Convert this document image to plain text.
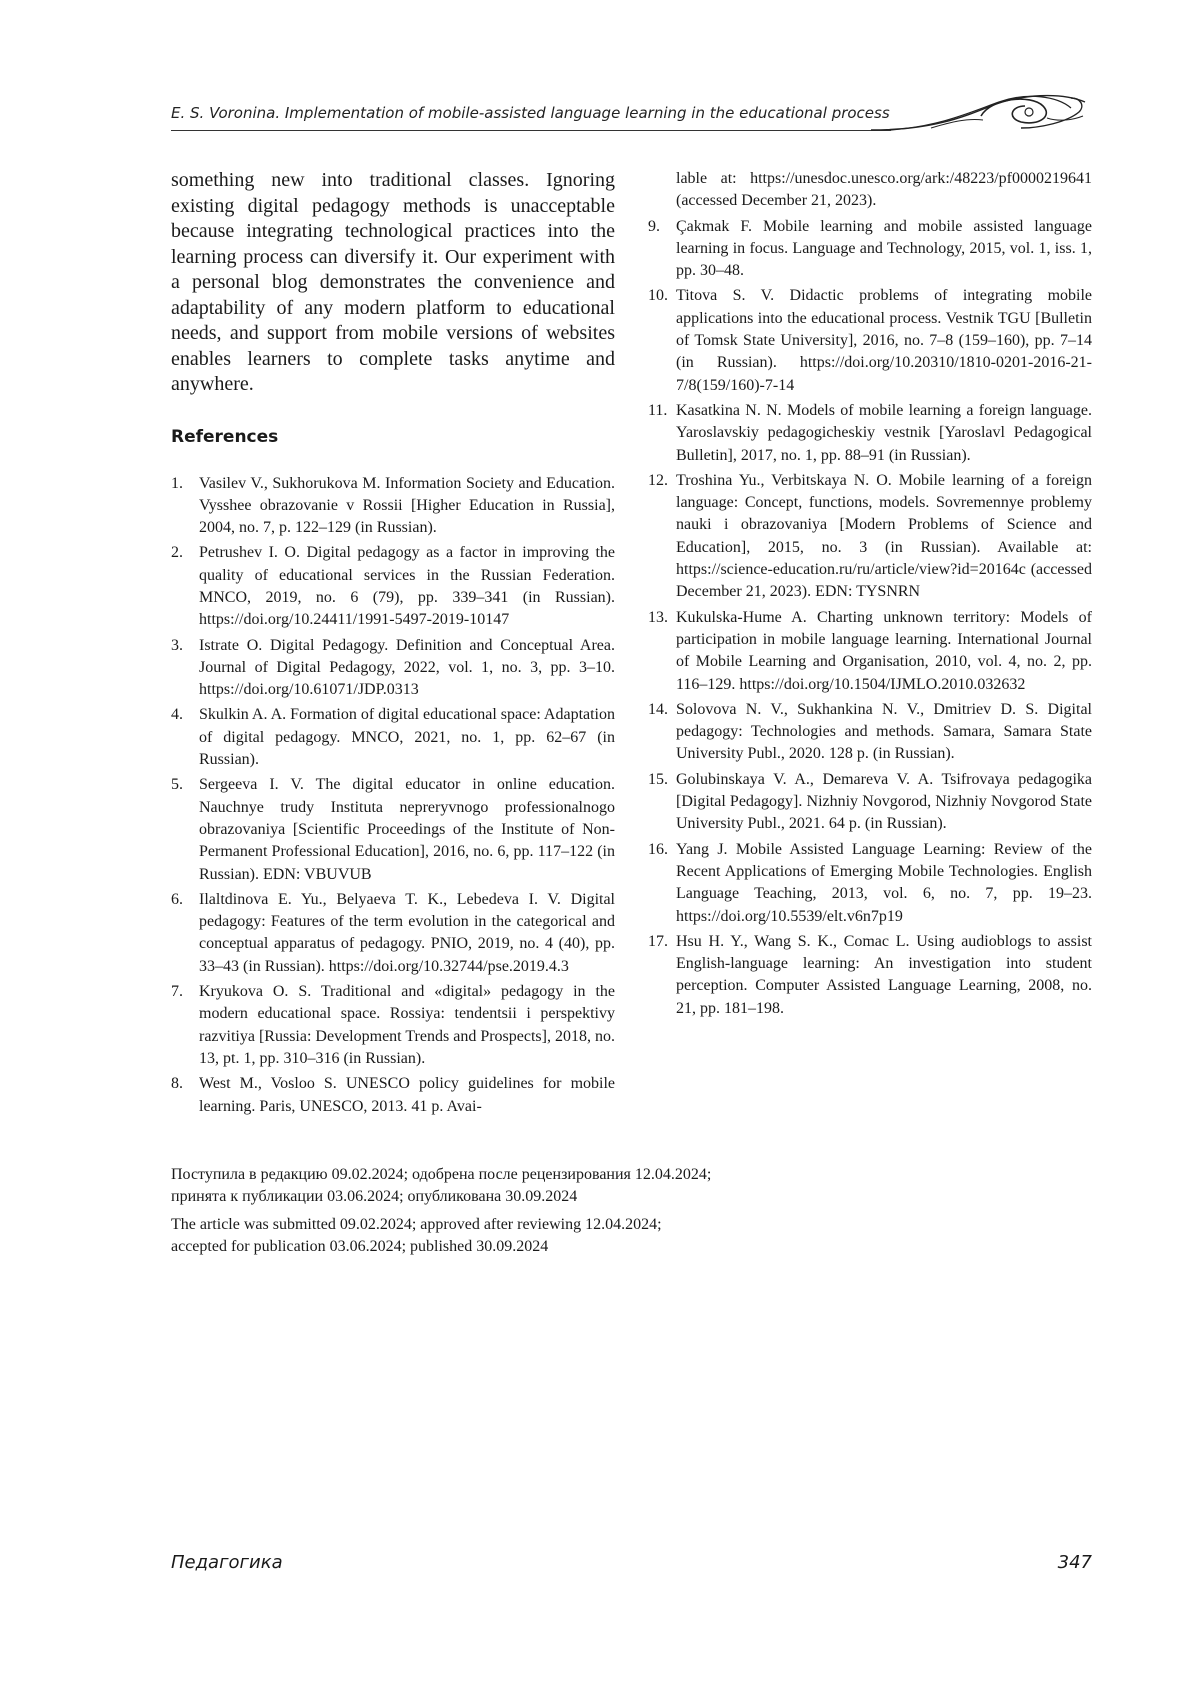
E. S. Voronina. Implementation of mobile-assisted language learning in the educational process

something new into traditional classes. Ignoring existing digital pedagogy methods is unacceptable because integrating technological practices into the learning process can diversify it. Our experiment with a personal blog demonstrates the convenience and adaptability of any modern platform to educational needs, and support from mobile versions of websites enables learners to complete tasks anytime and anywhere.

References
1.	Vasilev V., Sukhorukova M. Information Society and Education. Vysshee obrazovanie v Rossii [Higher Education in Russia], 2004, no. 7, p. 122–129 (in Russian).
2.	Petrushev I. O. Digital pedagogy as a factor in improving the quality of educational services in the Russian Federation. MNCO, 2019, no. 6 (79), pp. 339–341 (in Russian). https://doi.org/10.24411/1991-5497-2019-10147
3.	Istrate O. Digital Pedagogy. Definition and Conceptual Area. Journal of Digital Pedagogy, 2022, vol. 1, no. 3, pp. 3–10. https://doi.org/10.61071/JDP.0313
4.	Skulkin A. A. Formation of digital educational space: Adaptation of digital pedagogy. MNCO, 2021, no. 1, pp. 62–67 (in Russian).
5.	Sergeeva I. V. The digital educator in online education. Nauchnye trudy Instituta nepreryvnogo professionalnogo obrazovaniya [Scientific Proceedings of the Institute of Non-Permanent Professional Education], 2016, no. 6, pp. 117–122 (in Russian). EDN: VBUVUB
6.	Ilaltdinova E. Yu., Belyaeva T. K., Lebedeva I. V. Digital pedagogy: Features of the term evolution in the categorical and conceptual apparatus of pedagogy. PNIO, 2019, no. 4 (40), pp. 33–43 (in Russian). https://doi.org/10.32744/pse.2019.4.3
7.	Kryukova O. S. Traditional and «digital» pedagogy in the modern educational space. Rossiya: tendentsii i perspektivy razvitiya [Russia: Development Trends and Prospects], 2018, no. 13, pt. 1, pp. 310–316 (in Russian).
8.	West M., Vosloo S. UNESCO policy guidelines for mobile learning. Paris, UNESCO, 2013. 41 p. Avai-
lable at: https://unesdoc.unesco.org/ark:/48223/pf0000219641 (accessed December 21, 2023).
9.	Çakmak F. Mobile learning and mobile assisted language learning in focus. Language and Technology, 2015, vol. 1, iss. 1, pp. 30–48.
10. Titova S. V. Didactic problems of integrating mobile applications into the educational process. Vestnik TGU [Bulletin of Tomsk State University], 2016, no. 7–8 (159–160), pp. 7–14 (in Russian). https://doi.org/10.20310/1810-0201-2016-21-7/8(159/160)-7-14
11. Kasatkina N. N. Models of mobile learning a foreign language. Yaroslavskiy pedagogicheskiy vestnik [Yaroslavl Pedagogical Bulletin], 2017, no. 1, pp. 88–91 (in Russian).
12. Troshina Yu., Verbitskaya N. O. Mobile learning of a foreign language: Concept, functions, models. Sovremennye problemy nauki i obrazovaniya [Modern Problems of Science and Education], 2015, no. 3 (in Russian). Available at: https://science-education.ru/ru/article/view?id=20164c (accessed December 21, 2023). EDN: TYSNRN
13. Kukulska-Hume A. Charting unknown territory: Models of participation in mobile language learning. International Journal of Mobile Learning and Organisation, 2010, vol. 4, no. 2, pp. 116–129. https://doi.org/10.1504/IJMLO.2010.032632
14. Solovova N. V., Sukhankina N. V., Dmitriev D. S. Digital pedagogy: Technologies and methods. Samara, Samara State University Publ., 2020. 128 p. (in Russian).
15. Golubinskaya V. A., Demareva V. A. Tsifrovaya pedagogika [Digital Pedagogy]. Nizhniy Novgorod, Nizhniy Novgorod State University Publ., 2021. 64 p. (in Russian).
16. Yang J. Mobile Assisted Language Learning: Review of the Recent Applications of Emerging Mobile Technologies. English Language Teaching, 2013, vol. 6, no. 7, pp. 19–23. https://doi.org/10.5539/elt.v6n7p19
17. Hsu H. Y., Wang S. K., Comac L. Using audioblogs to assist English-language learning: An investigation into student perception. Computer Assisted Language Learning, 2008, no. 21, pp. 181–198.

Поступила в редакцию 09.02.2024; одобрена после рецензирования 12.04.2024;
принята к публикации 03.06.2024; опубликована 30.09.2024

The article was submitted 09.02.2024; approved after reviewing 12.04.2024;
accepted for publication 03.06.2024; published 30.09.2024

Педагогика	347
